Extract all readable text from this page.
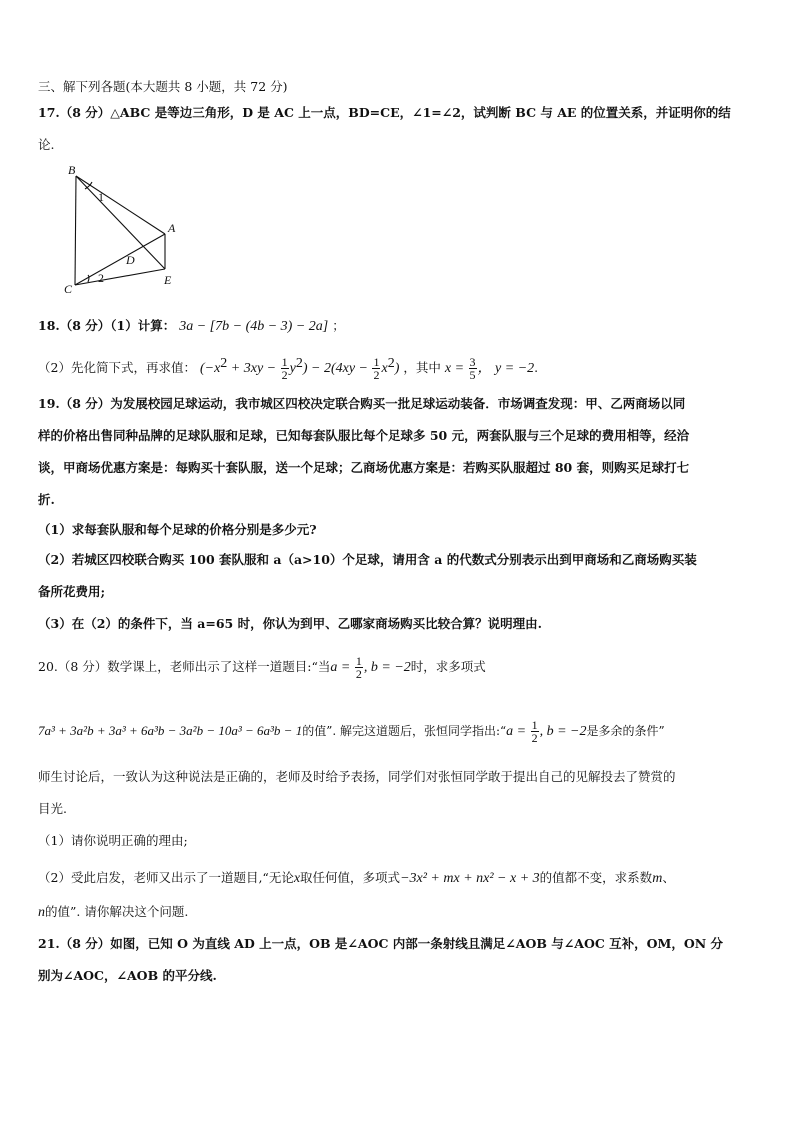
三、解下列各题(本大题共 8 小题，共 72 分)
17.（8 分）△ABC 是等边三角形，D 是 AC 上一点，BD=CE，∠1=∠2，试判断 BC 与 AE 的位置关系，并证明你的结
论.
B
A
D
C
E
1
2
18.（8 分）（1）计算： 3a − [7b − (4b − 3) − 2a] ；
（2）先化简下式，再求值： $(-x^2 + 3xy - \frac{1}{2} y^2) - 2(4xy - \frac{1}{2} x^2)$ ，其中 $x = \frac{3}{5}$ ， y = −2.
19.（8 分）为发展校园足球运动，我市城区四校决定联合购买一批足球运动装备．市场调查发现：甲、乙两商场以同
样的价格出售同种品牌的足球队服和足球，已知每套队服比每个足球多 50 元，两套队服与三个足球的费用相等，经洽
谈，甲商场优惠方案是：每购买十套队服，送一个足球；乙商场优惠方案是：若购买队服超过 80 套，则购买足球打七
折.
（1）求每套队服和每个足球的价格分别是多少元?
（2）若城区四校联合购买 100 套队服和 a（a>10）个足球，请用含 a 的代数式分别表示出到甲商场和乙商场购买装
备所花费用;
（3）在（2）的条件下，当 a=65 时，你认为到甲、乙哪家商场购买比较合算？说明理由.
20.（8 分）数学课上，老师出示了这样一道题目:“当$a = \frac{1}{2}$ , b = −2时，求多项式
7a³ + 3a²b + 3a³ + 6a³b − 3a²b − 10a³ − 6a³b − 1的值”. 解完这道题后，张恒同学指出:“a = $\frac{1}{2}$ , b = −2是多余的条件”
师生讨论后，一致认为这种说法是正确的，老师及时给予表扬，同学们对张恒同学敢于提出自己的见解投去了赞赏的
目光.
（1）请你说明正确的理由;
（2）受此启发，老师又出示了一道题目,“无论x取任何值，多项式−3x² + mx + nx² − x + 3的值都不变，求系数m、
n的值”. 请你解决这个问题.
21.（8 分）如图，已知 O 为直线 AD 上一点，OB 是∠AOC 内部一条射线且满足∠AOB 与∠AOC 互补，OM，ON 分
别为∠AOC，∠AOB 的平分线.
